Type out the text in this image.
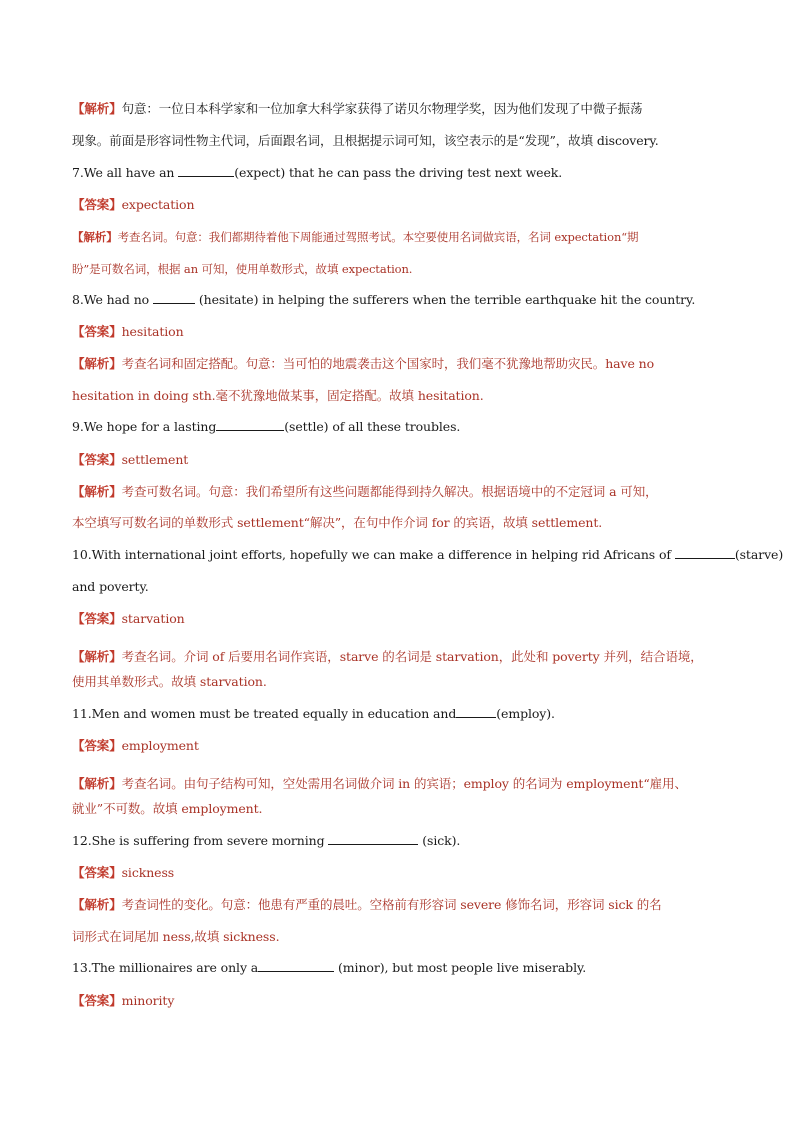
【解析】句意：一位日本科学家和一位加拿大科学家获得了诺贝尔物理学奖，因为他们发现了中微子振荡
现象。前面是形容词性物主代词，后面跟名词，且根据提示词可知，该空表示的是“发现”，故填 discovery.
7.We all have an	(expect) that he can pass the driving test next week.
【答案】expectation
【解析】考查名词。句意：我们都期待着他下周能通过驾照考试。本空要使用名词做宾语，名词 expectation“期
盼”是可数名词，根据 an 可知，使用单数形式，故填 expectation.
8.We had no	(hesitate) in helping the sufferers when the terrible earthquake hit the country.
【答案】hesitation
【解析】考查名词和固定搭配。句意：当可怕的地震袭击这个国家时，我们毫不犹豫地帮助灾民。have no
hesitation in doing sth.毫不犹豫地做某事，固定搭配。故填 hesitation.
9.We hope for a lasting	(settle) of all these troubles.
【答案】settlement
【解析】考查可数名词。句意：我们希望所有这些问题都能得到持久解决。根据语境中的不定冠词 a 可知，
本空填写可数名词的单数形式 settlement“解决”，在句中作介词 for 的宾语，故填 settlement.
10.With international joint efforts, hopefully we can make a difference in helping rid Africans of	(starve)
and poverty.
【答案】starvation
【解析】考查名词。介词 of 后要用名词作宾语，starve 的名词是 starvation，此处和 poverty 并列，结合语境，
使用其单数形式。故填 starvation.
11.Men and women must be treated equally in education and	(employ).
【答案】employment
【解析】考查名词。由句子结构可知，空处需用名词做介词 in 的宾语；employ 的名词为 employment“雇用、
就业”不可数。故填 employment.
12.She is suffering from severe morning	(sick).
【答案】sickness
【解析】考查词性的变化。句意：他患有严重的晨吐。空格前有形容词 severe 修饰名词，形容词 sick 的名
词形式在词尾加 ness,故填 sickness.
13.The millionaires are only a	(minor), but most people live miserably.
【答案】minority
